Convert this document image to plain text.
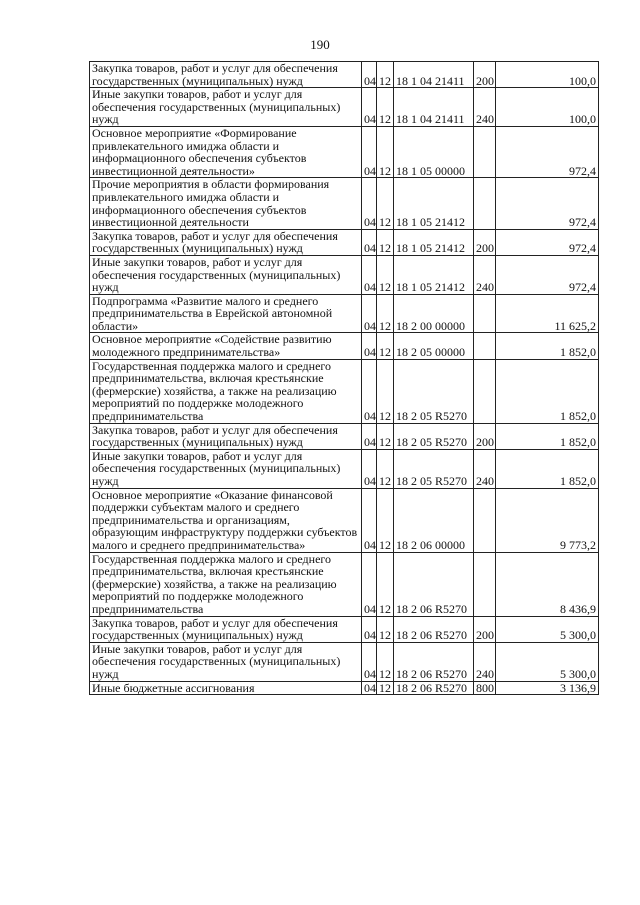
190
Закупка товаров, работ и услуг для обеспечения государственных (муниципальных) нужд	04	12	18 1 04 21411	200	100,0
Иные закупки товаров, работ и услуг для обеспечения государственных (муниципальных) нужд	04	12	18 1 04 21411	240	100,0
Основное мероприятие «Формирование привлекательного имиджа области и информационного обеспечения субъектов инвестиционной деятельности»	04	12	18 1 05 00000		972,4
Прочие мероприятия в области формирования привлекательного имиджа области и информационного обеспечения субъектов инвестиционной деятельности	04	12	18 1 05 21412		972,4
Закупка товаров, работ и услуг для обеспечения государственных (муниципальных) нужд	04	12	18 1 05 21412	200	972,4
Иные закупки товаров, работ и услуг для обеспечения государственных (муниципальных) нужд	04	12	18 1 05 21412	240	972,4
Подпрограмма «Развитие малого и среднего предпринимательства в Еврейской автономной области»	04	12	18 2 00 00000		11 625,2
Основное мероприятие «Содействие развитию молодежного предпринимательства»	04	12	18 2 05 00000		1 852,0
Государственная поддержка малого и среднего предпринимательства, включая крестьянские (фермерские) хозяйства, а также на реализацию мероприятий по поддержке молодежного предпринимательства	04	12	18 2 05 R5270		1 852,0
Закупка товаров, работ и услуг для обеспечения государственных (муниципальных) нужд	04	12	18 2 05 R5270	200	1 852,0
Иные закупки товаров, работ и услуг для обеспечения государственных (муниципальных) нужд	04	12	18 2 05 R5270	240	1 852,0
Основное мероприятие «Оказание финансовой поддержки субъектам малого и среднего предпринимательства и организациям, образующим инфраструктуру поддержки субъектов малого и среднего предпринимательства»	04	12	18 2 06 00000		9 773,2
Государственная поддержка малого и среднего предпринимательства, включая крестьянские (фермерские) хозяйства, а также на реализацию мероприятий по поддержке молодежного предпринимательства	04	12	18 2 06 R5270		8 436,9
Закупка товаров, работ и услуг для обеспечения государственных (муниципальных) нужд	04	12	18 2 06 R5270	200	5 300,0
Иные закупки товаров, работ и услуг для обеспечения государственных (муниципальных) нужд	04	12	18 2 06 R5270	240	5 300,0
Иные бюджетные ассигнования	04	12	18 2 06 R5270	800	3 136,9
